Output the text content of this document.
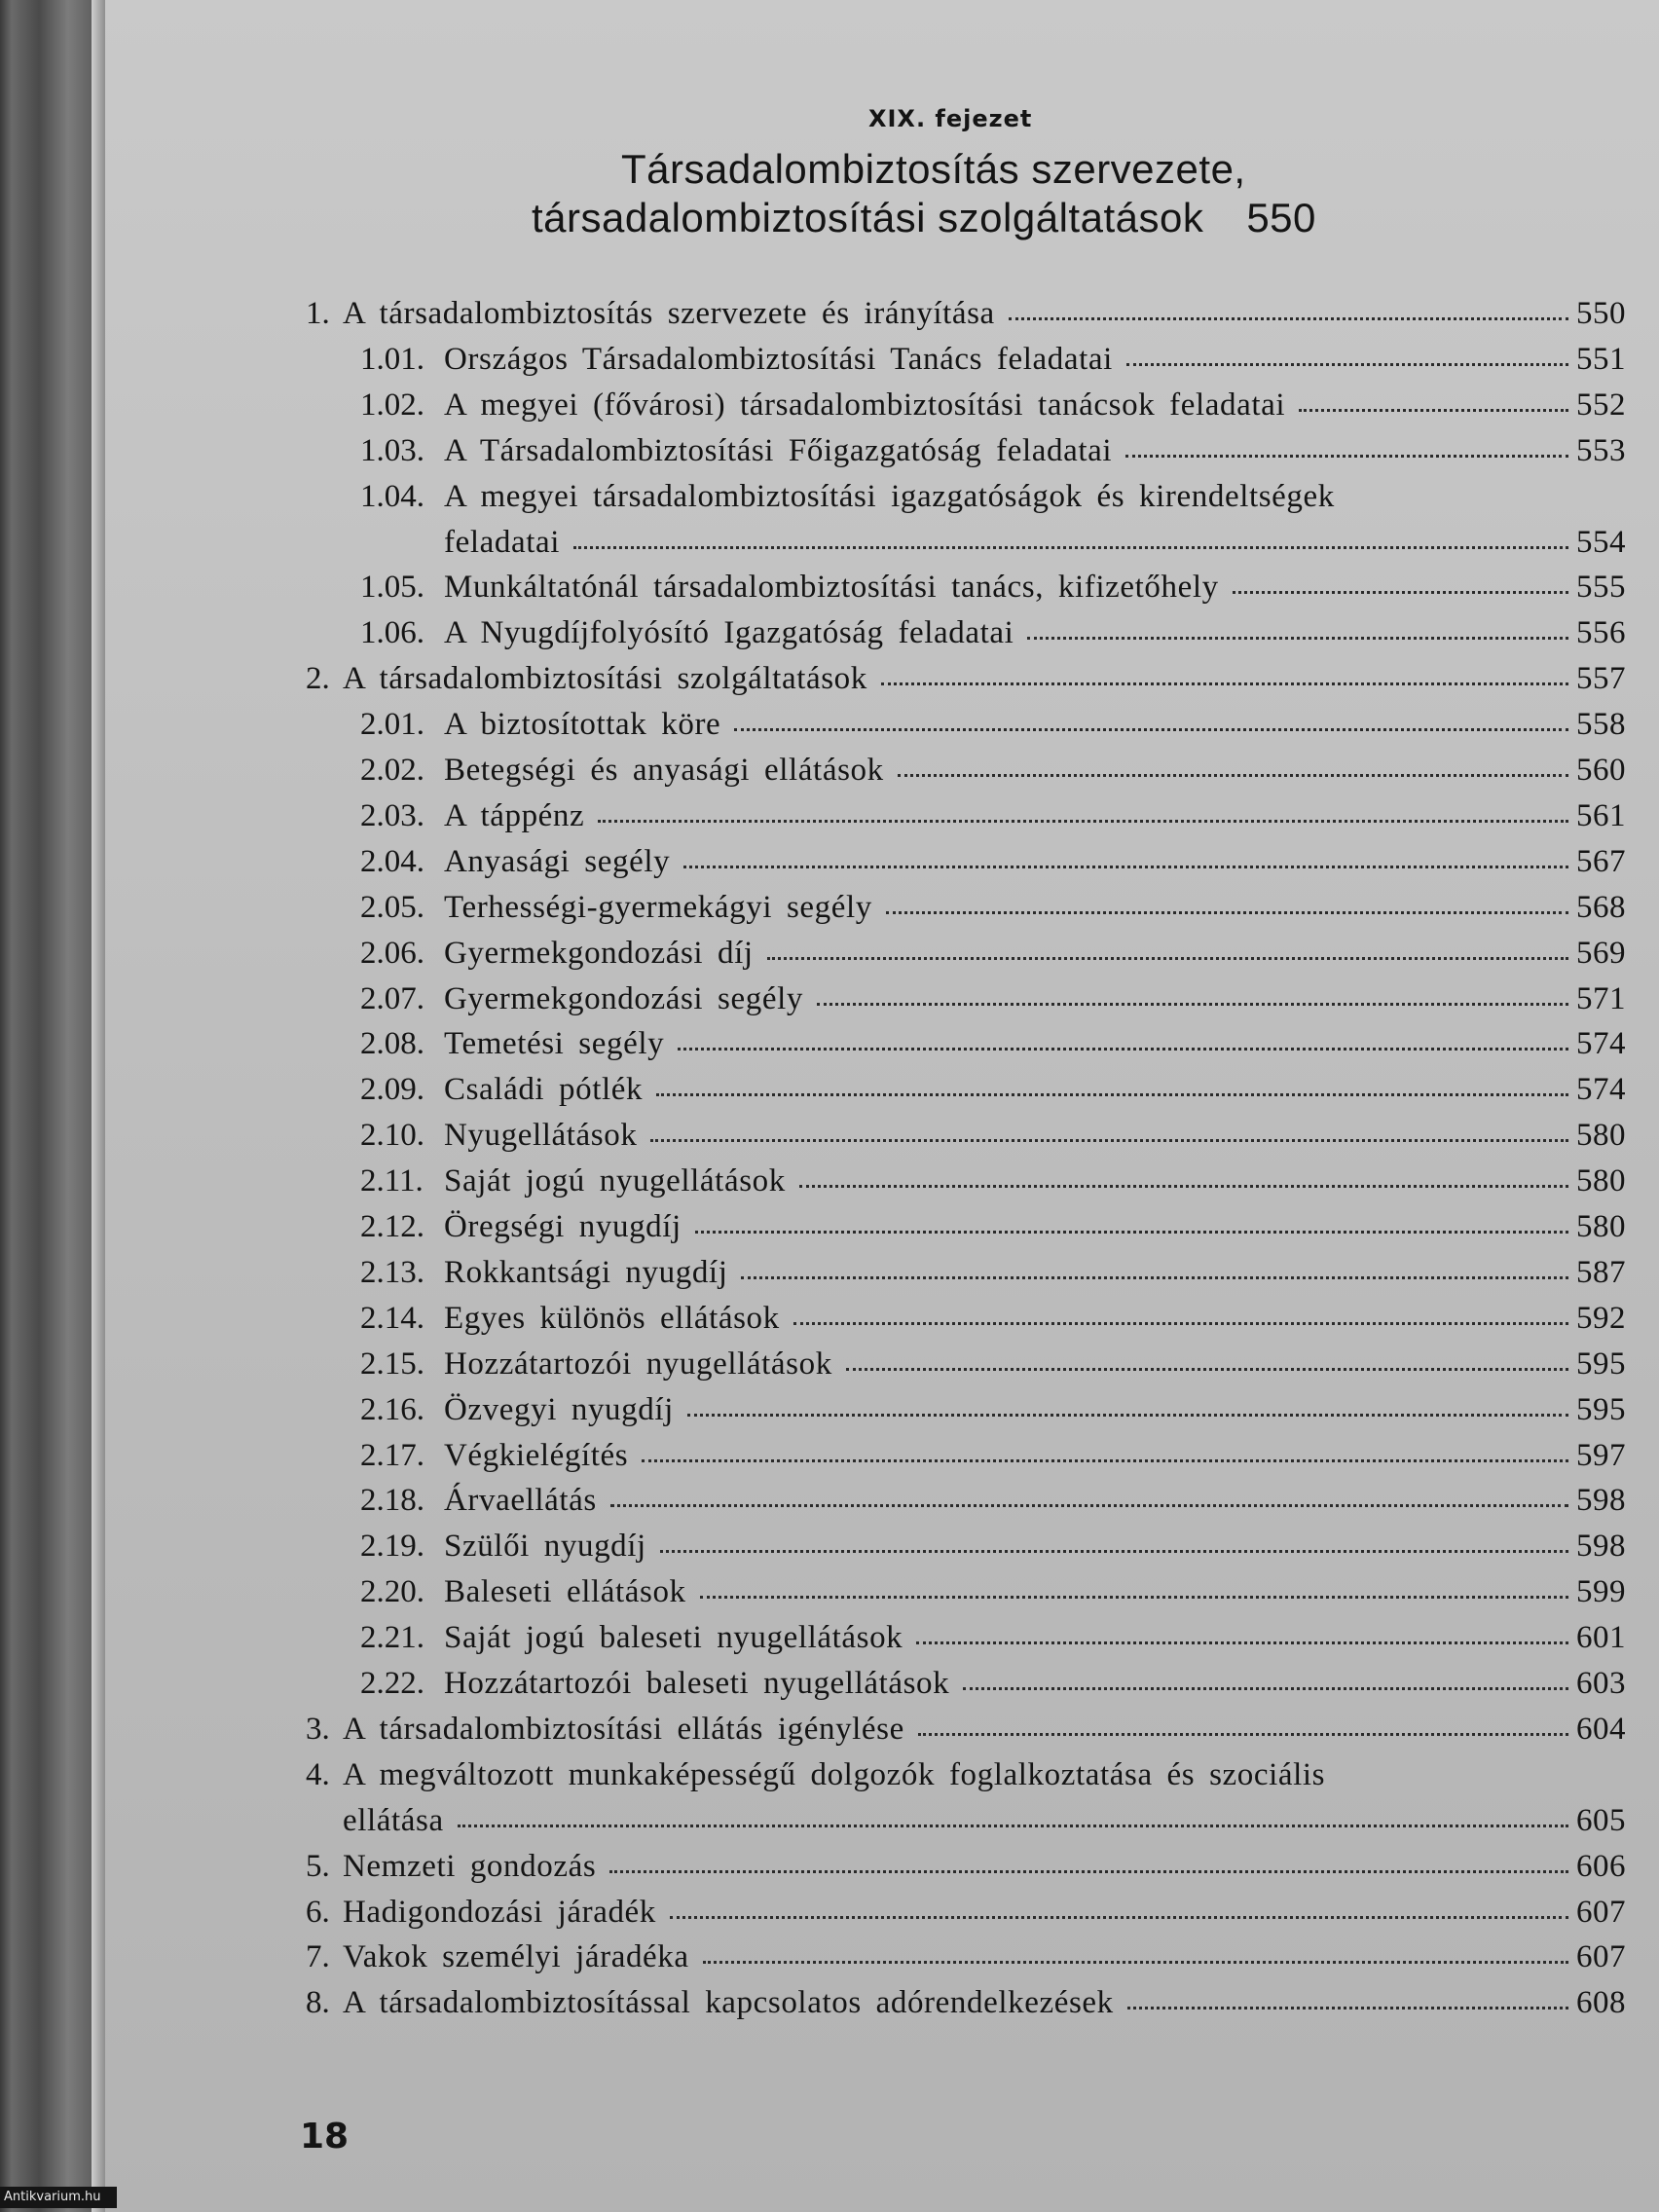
XIX. fejezet
Társadalombiztosítás szervezete,
társadalombiztosítási szolgáltatások 550
1. A társadalombiztosítás szervezete és irányítása	550
1.01. Országos Társadalombiztosítási Tanács feladatai	551
1.02. A megyei (fővárosi) társadalombiztosítási tanácsok feladatai	552
1.03. A Társadalombiztosítási Főigazgatóság feladatai	553
1.04. A megyei társadalombiztosítási igazgatóságok és kirendeltségek
feladatai	554
1.05. Munkáltatónál társadalombiztosítási tanács, kifizetőhely	555
1.06. A Nyugdíjfolyósító Igazgatóság feladatai	556
2. A társadalombiztosítási szolgáltatások	557
2.01. A biztosítottak köre	558
2.02. Betegségi és anyasági ellátások	560
2.03. A táppénz	561
2.04. Anyasági segély	567
2.05. Terhességi-gyermekágyi segély	568
2.06. Gyermekgondozási díj	569
2.07. Gyermekgondozási segély	571
2.08. Temetési segély	574
2.09. Családi pótlék	574
2.10. Nyugellátások	580
2.11. Saját jogú nyugellátások	580
2.12. Öregségi nyugdíj	580
2.13. Rokkantsági nyugdíj	587
2.14. Egyes különös ellátások	592
2.15. Hozzátartozói nyugellátások	595
2.16. Özvegyi nyugdíj	595
2.17. Végkielégítés	597
2.18. Árvaellátás	598
2.19. Szülői nyugdíj	598
2.20. Baleseti ellátások	599
2.21. Saját jogú baleseti nyugellátások	601
2.22. Hozzátartozói baleseti nyugellátások	603
3. A társadalombiztosítási ellátás igénylése	604
4. A megváltozott munkaképességű dolgozók foglalkoztatása és szociális
ellátása	605
5. Nemzeti gondozás	606
6. Hadigondozási járadék	607
7. Vakok személyi járadéka	607
8. A társadalombiztosítással kapcsolatos adórendelkezések	608
18
Antikvarium.hu
